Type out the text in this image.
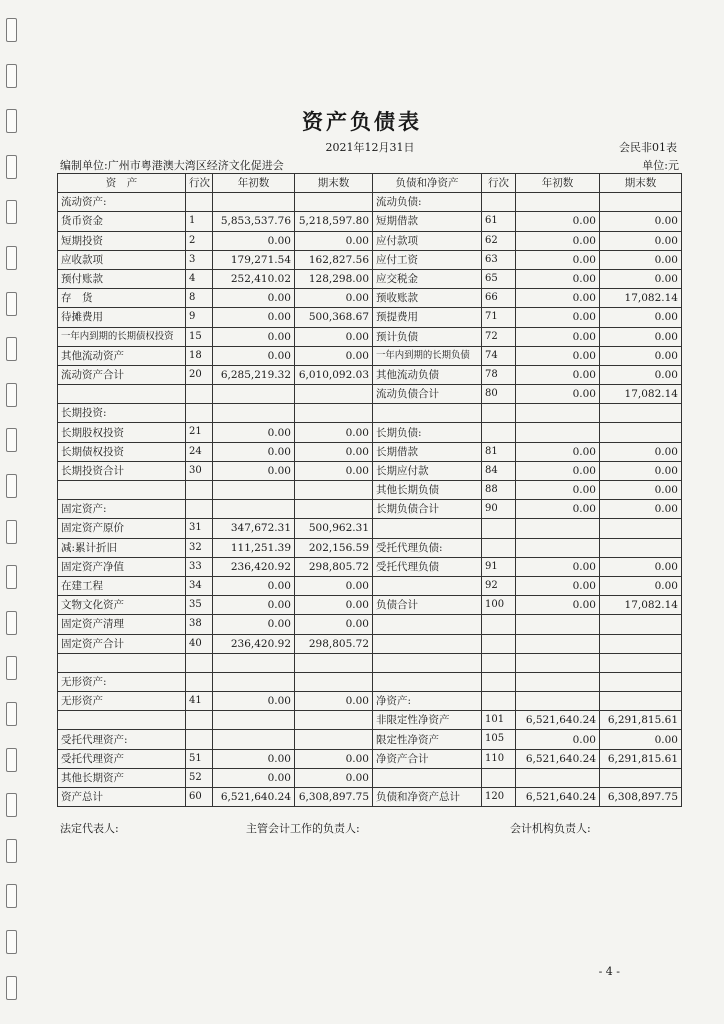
资产负债表
2021年12月31日	会民非01表
编制单位:广州市粤港澳大湾区经济文化促进会	单位:元
资　产	行次	年初数	期末数	负债和净资产	行次	年初数	期末数
流动资产:				流动负债:			
货币资金	1	5,853,537.76	5,218,597.80	短期借款	61	0.00	0.00
短期投资	2	0.00	0.00	应付款项	62	0.00	0.00
应收款项	3	179,271.54	162,827.56	应付工资	63	0.00	0.00
预付账款	4	252,410.02	128,298.00	应交税金	65	0.00	0.00
存　货	8	0.00	0.00	预收账款	66	0.00	17,082.14
待摊费用	9	0.00	500,368.67	预提费用	71	0.00	0.00
一年内到期的长期债权投资	15	0.00	0.00	预计负债	72	0.00	0.00
其他流动资产	18	0.00	0.00	一年内到期的长期负债	74	0.00	0.00
流动资产合计	20	6,285,219.32	6,010,092.03	其他流动负债	78	0.00	0.00
				流动负债合计	80	0.00	17,082.14
长期投资:							
长期股权投资	21	0.00	0.00	长期负债:			
长期债权投资	24	0.00	0.00	长期借款	81	0.00	0.00
长期投资合计	30	0.00	0.00	长期应付款	84	0.00	0.00
				其他长期负债	88	0.00	0.00
固定资产:				长期负债合计	90	0.00	0.00
固定资产原价	31	347,672.31	500,962.31				
减:累计折旧	32	111,251.39	202,156.59	受托代理负债:			
固定资产净值	33	236,420.92	298,805.72	受托代理负债	91	0.00	0.00
在建工程	34	0.00	0.00		92	0.00	0.00
文物文化资产	35	0.00	0.00	负债合计	100	0.00	17,082.14
固定资产清理	38	0.00	0.00				
固定资产合计	40	236,420.92	298,805.72				

无形资产:							
无形资产	41	0.00	0.00	净资产:			
				非限定性净资产	101	6,521,640.24	6,291,815.61
受托代理资产:				限定性净资产	105	0.00	0.00
受托代理资产	51	0.00	0.00	净资产合计	110	6,521,640.24	6,291,815.61
其他长期资产	52	0.00	0.00				
资产总计	60	6,521,640.24	6,308,897.75	负债和净资产总计	120	6,521,640.24	6,308,897.75
法定代表人:	主管会计工作的负责人:	会计机构负责人:
- 4 -
